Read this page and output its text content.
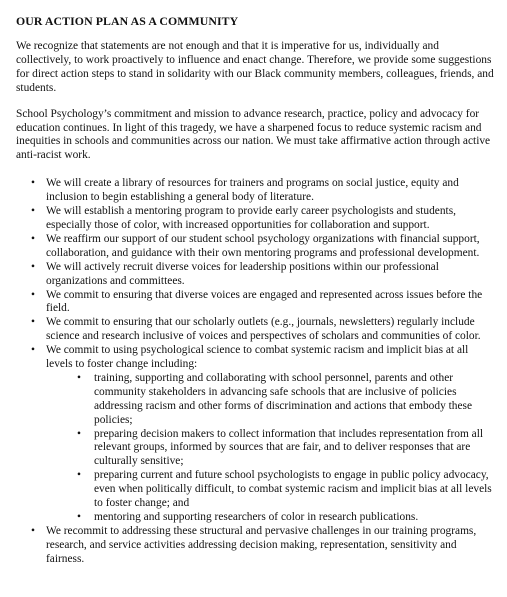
OUR ACTION PLAN AS A COMMUNITY

We recognize that statements are not enough and that it is imperative for us, individually and collectively, to work proactively to influence and enact change. Therefore, we provide some suggestions for direct action steps to stand in solidarity with our Black community members, colleagues, friends, and students.

School Psychology’s commitment and mission to advance research, practice, policy and advocacy for education continues. In light of this tragedy, we have a sharpened focus to reduce systemic racism and inequities in schools and communities across our nation. We must take affirmative action through active anti-racist work.

• We will create a library of resources for trainers and programs on social justice, equity and inclusion to begin establishing a general body of literature.
• We will establish a mentoring program to provide early career psychologists and students, especially those of color, with increased opportunities for collaboration and support.
• We reaffirm our support of our student school psychology organizations with financial support, collaboration, and guidance with their own mentoring programs and professional development.
• We will actively recruit diverse voices for leadership positions within our professional organizations and committees.
• We commit to ensuring that diverse voices are engaged and represented across issues before the field.
• We commit to ensuring that our scholarly outlets (e.g., journals, newsletters) regularly include science and research inclusive of voices and perspectives of scholars and communities of color.
• We commit to using psychological science to combat systemic racism and implicit bias at all levels to foster change including:
• training, supporting and collaborating with school personnel, parents and other community stakeholders in advancing safe schools that are inclusive of policies addressing racism and other forms of discrimination and actions that embody these policies;
• preparing decision makers to collect information that includes representation from all relevant groups, informed by sources that are fair, and to deliver responses that are culturally sensitive;
• preparing current and future school psychologists to engage in public policy advocacy, even when politically difficult, to combat systemic racism and implicit bias at all levels to foster change; and
• mentoring and supporting researchers of color in research publications.
• We recommit to addressing these structural and pervasive challenges in our training programs, research, and service activities addressing decision making, representation, sensitivity and fairness.
